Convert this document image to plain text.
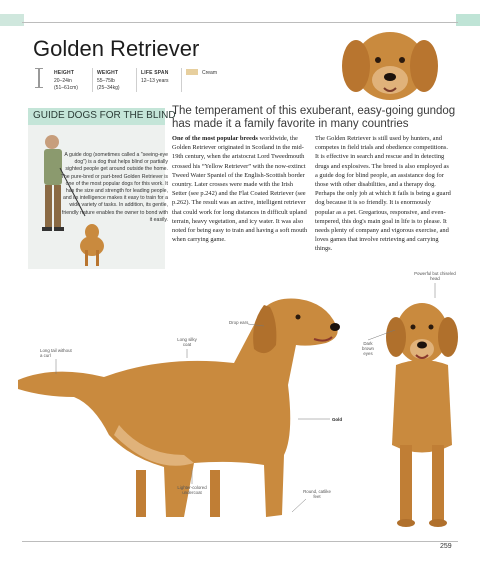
Golden Retriever
HEIGHT
20–24in
(51–61cm)
WEIGHT
55–75lb
(25–34kg)
LIFE SPAN
12–13 years
Cream
GUIDE DOGS FOR THE BLIND
A guide dog (sometimes called a "seeing-eye dog") is a dog that helps blind or partially sighted people get around outside the home. The pure-bred or part-bred Golden Retriever is one of the most popular dogs for this work. It has the size and strength for leading people, and its intelligence makes it easy to train for a wide variety of tasks. In addition, its gentle, friendly nature enables the owner to bond with it easily.
The temperament of this exuberant, easy-going gundog has made it a family favorite in many countries
One of the most popular breeds worldwide, the Golden Retriever originated in Scotland in the mid-19th century, when the aristocrat Lord Tweedmouth crossed his “Yellow Retriever” with the now-extinct Tweed Water Spaniel of the English-Scottish border country. Later crosses were made with the Irish Setter (see p.242) and the Flat Coated Retriever (see p.262). The result was an active, intelligent retriever that could work for long distances in difficult upland terrain, heavy vegetation, and icy water. It was also noted for being easy to train and having a soft mouth when carrying game.
The Golden Retriever is still used by hunters, and competes in field trials and obedience competitions. It is effective in search and rescue and in detecting drugs and explosives. The breed is also employed as a guide dog for blind people, an assistance dog for those with other disabilities, and a therapy dog. Perhaps the only job at which it fails is being a guard dog because it is so friendly. It is enormously popular as a pet. Gregarious, responsive, and even-tempered, this dog's main goal in life is to please. It needs plenty of company and vigorous exercise, and loves games that involve retrieving and carrying things.
Powerful but chiseled head
Drop ears
Long silky coat	Dark brown eyes
Long tail without a curl
Gold
Lighter-colored undercoat	Round, catlike feet
259
